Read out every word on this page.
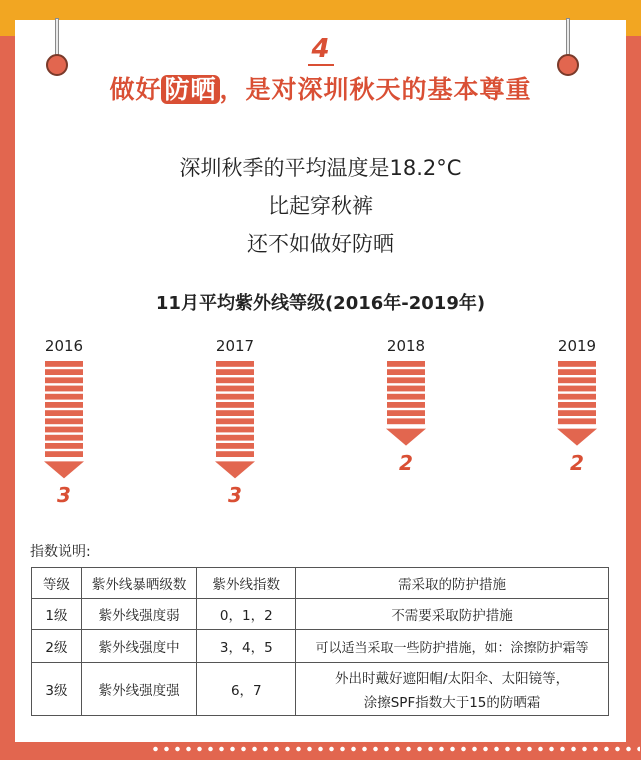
4
做好 防晒 ，是对深圳秋天的基本尊重
深圳秋季的平均温度是18.2°C
比起穿秋裤
还不如做好防晒
11月平均紫外线等级(2016年-2019年)
指数说明:
等级	紫外线暴晒级数	紫外线指数	需采取的防护措施
1级	紫外线强度弱	0，1，2	不需要采取防护措施
2级	紫外线强度中	3，4，5	可以适当采取一些防护措施，如：涂擦防护霜等
3级	紫外线强度强	6，7	外出时戴好遮阳帽/太阳伞、太阳镜等，
涂擦SPF指数大于15的防晒霜
2016
3
2017
3
2018
2
2019
2
